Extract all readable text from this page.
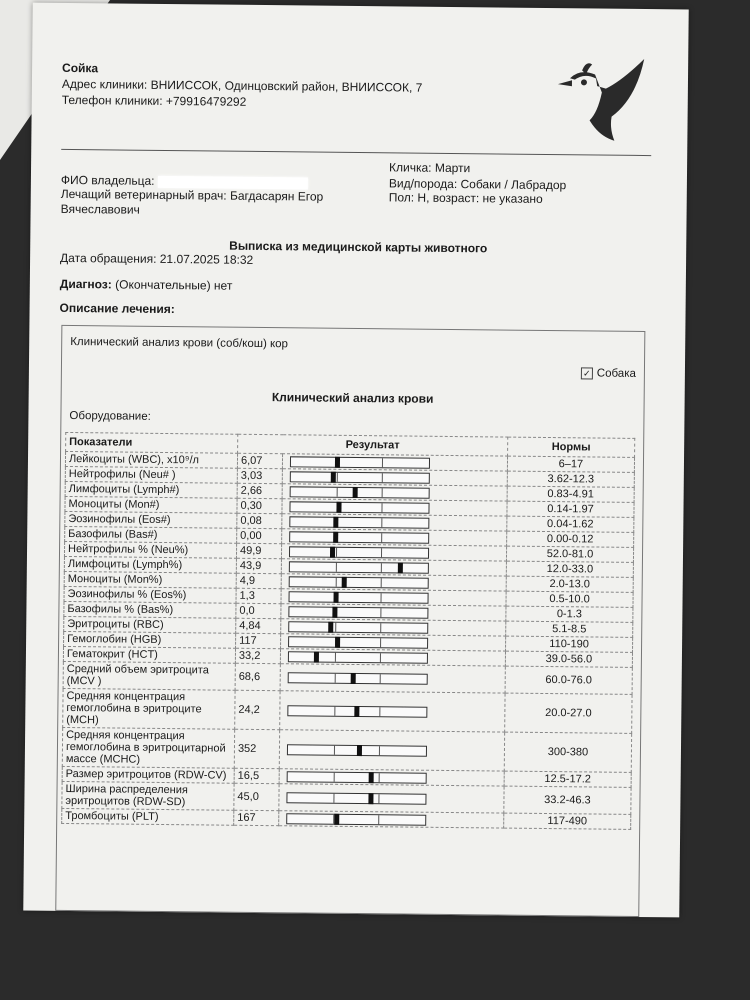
Сойка
Адрес клиники: ВНИИССОК, Одинцовский район, ВНИИССОК, 7
Телефон клиники: +79916479292
ФИО владельца:
Лечащий ветеринарный врач: Багдасарян Егор Вячеславович
Кличка: Марти
Вид/порода: Собаки / Лабрадор
Пол: Н, возраст: не указано
Выписка из медицинской карты животного
Дата обращения: 21.07.2025 18:32
Диагноз: (Окончательные) нет
Описание лечения:
Клинический анализ крови (соб/кош) кор
✓ Собака
Клинический анализ крови
Оборудование:
Показатели	Результат		Нормы
Лейкоциты (WBC), х10⁹/л	6,07		6–17
Нейтрофилы (Neu# )	3,03		3.62-12.3
Лимфоциты (Lymph#)	2,66		0.83-4.91
Моноциты (Mon#)	0,30		0.14-1.97
Эозинофилы (Eos#)	0,08		0.04-1.62
Базофилы (Bas#)	0,00		0.00-0.12
Нейтрофилы % (Neu%)	49,9		52.0-81.0
Лимфоциты (Lymph%)	43,9		12.0-33.0
Моноциты (Mon%)	4,9		2.0-13.0
Эозинофилы % (Eos%)	1,3		0.5-10.0
Базофилы % (Bas%)	0,0		0-1.3
Эритроциты (RBC)	4,84		5.1-8.5
Гемоглобин (HGB)	117		110-190
Гематокрит (HCT)	33,2		39.0-56.0
Средний объем эритроцита (MCV )	68,6		60.0-76.0
Средняя концентрация гемоглобина в эритроците (MCH)	24,2		20.0-27.0
Средняя концентрация гемоглобина в эритроцитарной массе (MCHC)	352		300-380
Размер эритроцитов (RDW-CV)	16,5		12.5-17.2
Ширина распределения эритроцитов (RDW-SD)	45,0		33.2-46.3
Тромбоциты (PLT)	167		117-490
